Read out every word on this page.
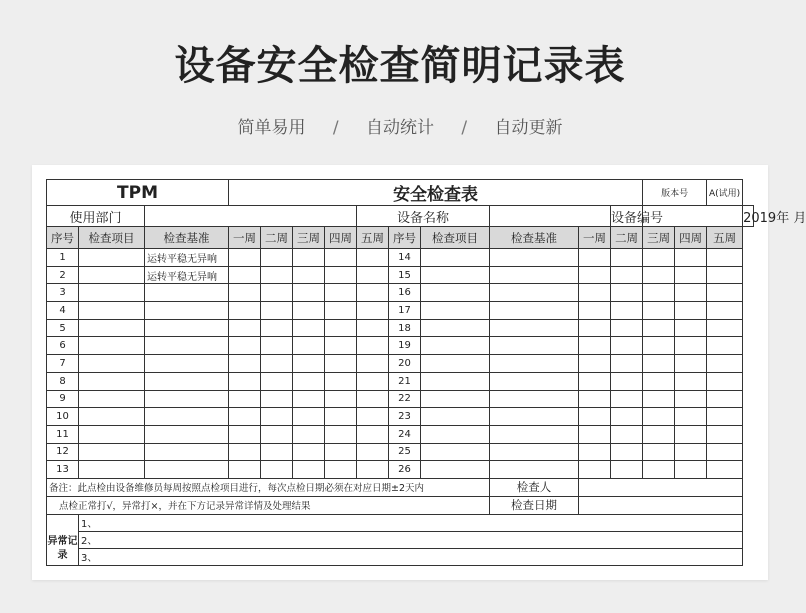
设备安全检查简明记录表
简单易用 / 自动统计 / 自动更新
TPM			安全检查表										版本号		A(试用)	
使用部门							设备名称					设备编号				2019年 月
序号	检查项目	检查基准	一周	二周	三周	四周	五周	序号	检查项目	检查基准	一周	二周	三周	四周	五周	
1		运转平稳无异响						14								
2		运转平稳无异响						15								
3								16								
4								17								
5								18								
6								19								
7								20								
8								21								
9								22								
10								23								
11								24								
12								25								
13								26								
备注：此点检由设备维修员每周按照点检项目进行，每次点检日期必须在对应日期±2天内										检查人						
点检正常打√，异常打×，并在下方记录异常详情及处理结果										检查日期						
异常记录	1、															
	2、															
	3、															
